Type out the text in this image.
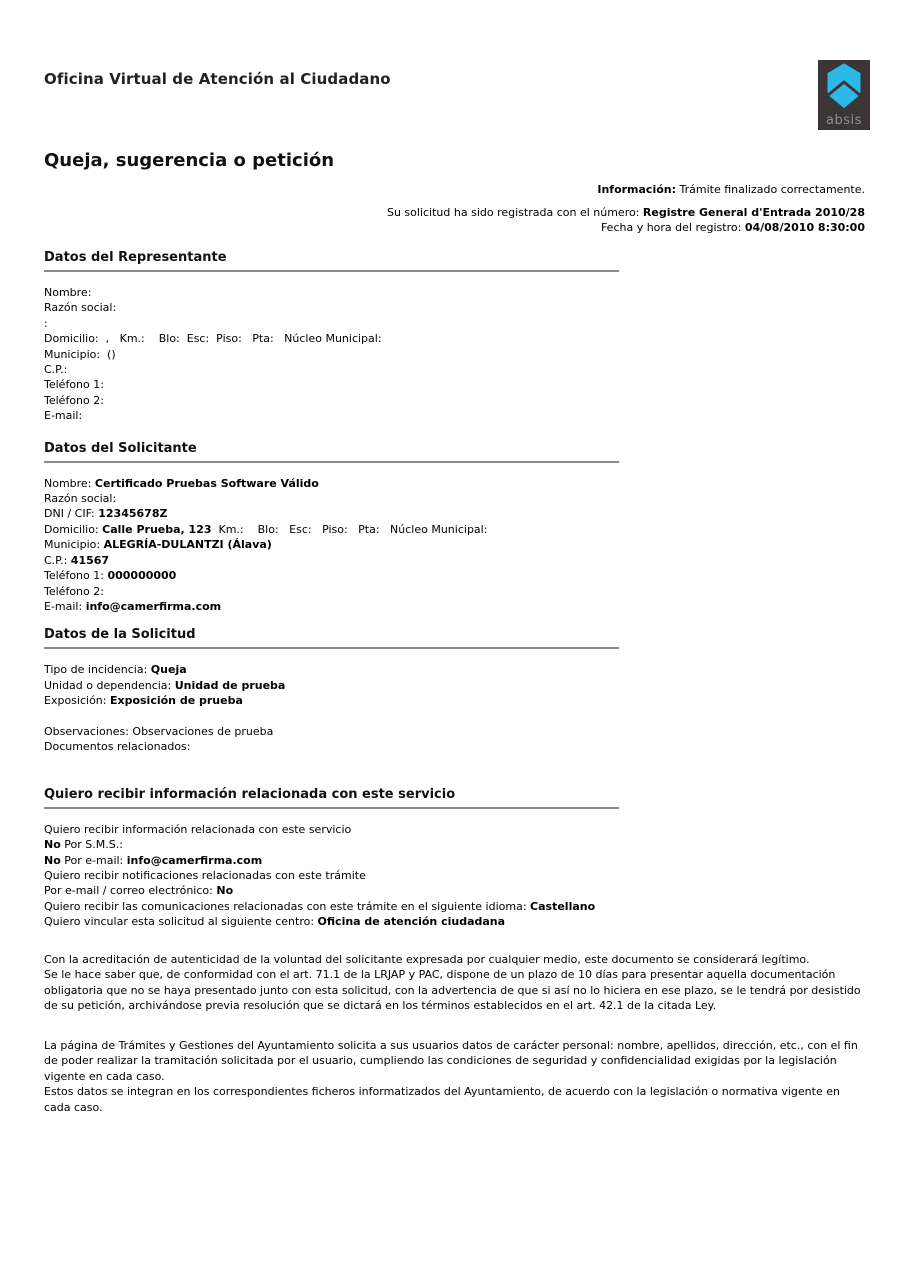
absis
Oficina Virtual de Atención al Ciudadano
Queja, sugerencia o petición
Información: Trámite finalizado correctamente.
Su solicitud ha sido registrada con el número: Registre General d'Entrada 2010/28
Fecha y hora del registro: 04/08/2010 8:30:00
Datos del Representante
Nombre:
Razón social:
:
Domicilio:  ,   Km.:    Blo:  Esc:  Piso:   Pta:   Núcleo Municipal:
Municipio:  ()
C.P.:
Teléfono 1:
Teléfono 2:
E-mail:
Datos del Solicitante
Nombre: Certificado Pruebas Software Válido
Razón social:
DNI / CIF: 12345678Z
Domicilio: Calle Prueba, 123  Km.:    Blo:   Esc:   Piso:   Pta:   Núcleo Municipal:
Municipio: ALEGRÍA-DULANTZI (Álava)
C.P.: 41567
Teléfono 1: 000000000
Teléfono 2:
E-mail: info@camerfirma.com
Datos de la Solicitud
Tipo de incidencia: Queja
Unidad o dependencia: Unidad de prueba
Exposición: Exposición de prueba
Observaciones: Observaciones de prueba
Documentos relacionados:
Quiero recibir información relacionada con este servicio
Quiero recibir información relacionada con este servicio
No Por S.M.S.:
No Por e-mail: info@camerfirma.com
Quiero recibir notificaciones relacionadas con este trámite
Por e-mail / correo electrónico: No
Quiero recibir las comunicaciones relacionadas con este trámite en el siguiente idioma: Castellano
Quiero vincular esta solicitud al siguiente centro: Oficina de atención ciudadana
Con la acreditación de autenticidad de la voluntad del solicitante expresada por cualquier medio, este documento se considerará legítimo.
Se le hace saber que, de conformidad con el art. 71.1 de la LRJAP y PAC, dispone de un plazo de 10 días para presentar aquella documentación obligatoria que no se haya presentado junto con esta solicitud, con la advertencia de que si así no lo hiciera en ese plazo, se le tendrá por desistido de su petición, archivándose previa resolución que se dictará en los términos establecidos en el art. 42.1 de la citada Ley.
La página de Trámites y Gestiones del Ayuntamiento solicita a sus usuarios datos de carácter personal: nombre, apellidos, dirección, etc., con el fin de poder realizar la tramitación solicitada por el usuario, cumpliendo las condiciones de seguridad y confidencialidad exigidas por la legislación vigente en cada caso.
Estos datos se integran en los correspondientes ficheros informatizados del Ayuntamiento, de acuerdo con la legislación o normativa vigente en cada caso.
